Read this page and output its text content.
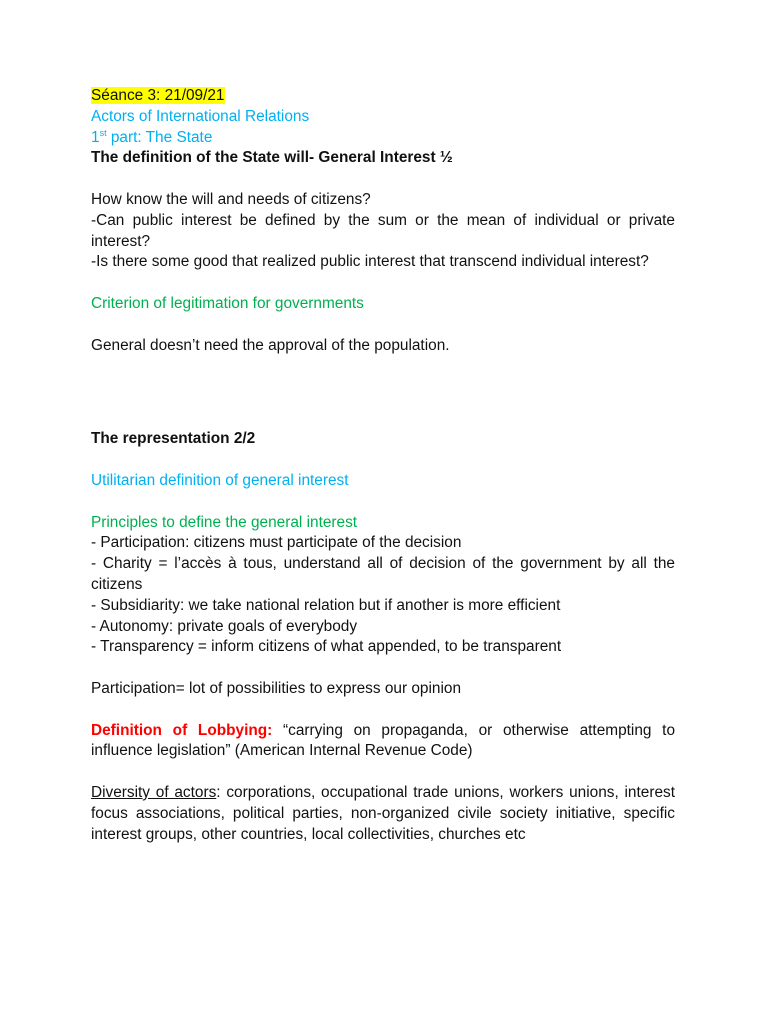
Séance 3: 21/09/21
Actors of International Relations
1st part: The State
The definition of the State will- General Interest ½
How know the will and needs of citizens?
-Can public interest be defined by the sum or the mean of individual or private interest?
-Is there some good that realized public interest that transcend individual interest?
Criterion of legitimation for governments
General doesn’t need the approval of the population.
The representation 2/2
Utilitarian definition of general interest
Principles to define the general interest
- Participation: citizens must participate of the decision
- Charity = l’accès à tous, understand all of decision of the government by all the citizens
- Subsidiarity: we take national relation but if another is more efficient
- Autonomy: private goals of everybody
- Transparency = inform citizens of what appended, to be transparent
Participation= lot of possibilities to express our opinion
Definition of Lobbying: “carrying on propaganda, or otherwise attempting to influence legislation” (American Internal Revenue Code)
Diversity of actors: corporations, occupational trade unions, workers unions, interest focus associations, political parties, non-organized civile society initiative, specific interest groups, other countries, local collectivities, churches etc
